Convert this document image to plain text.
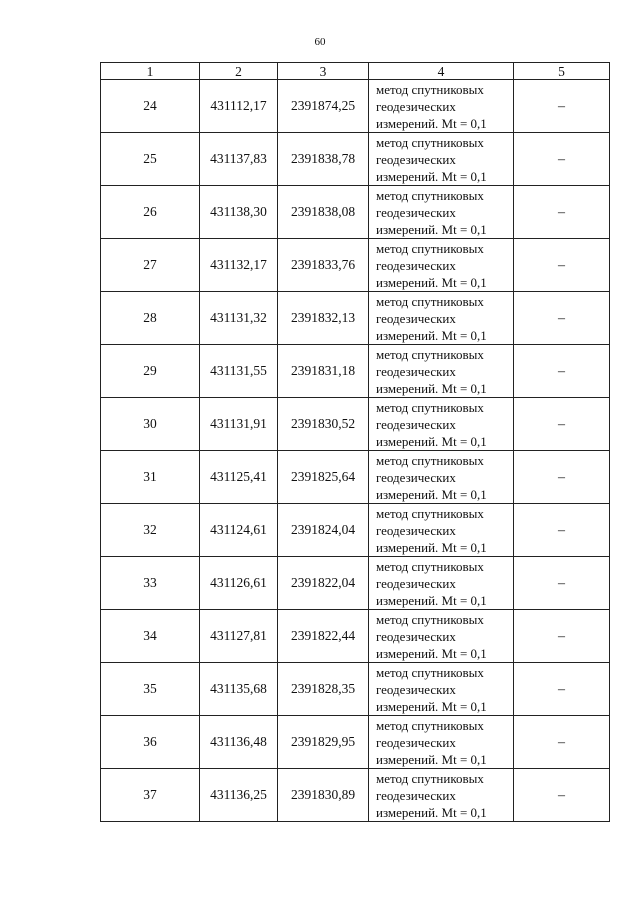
60
1	2	3	4	5
24	431112,17	2391874,25	метод спутниковых
геодезических
измерений. Mt = 0,1	–
25	431137,83	2391838,78	метод спутниковых
геодезических
измерений. Mt = 0,1	–
26	431138,30	2391838,08	метод спутниковых
геодезических
измерений. Mt = 0,1	–
27	431132,17	2391833,76	метод спутниковых
геодезических
измерений. Mt = 0,1	–
28	431131,32	2391832,13	метод спутниковых
геодезических
измерений. Mt = 0,1	–
29	431131,55	2391831,18	метод спутниковых
геодезических
измерений. Mt = 0,1	–
30	431131,91	2391830,52	метод спутниковых
геодезических
измерений. Mt = 0,1	–
31	431125,41	2391825,64	метод спутниковых
геодезических
измерений. Mt = 0,1	–
32	431124,61	2391824,04	метод спутниковых
геодезических
измерений. Mt = 0,1	–
33	431126,61	2391822,04	метод спутниковых
геодезических
измерений. Mt = 0,1	–
34	431127,81	2391822,44	метод спутниковых
геодезических
измерений. Mt = 0,1	–
35	431135,68	2391828,35	метод спутниковых
геодезических
измерений. Mt = 0,1	–
36	431136,48	2391829,95	метод спутниковых
геодезических
измерений. Mt = 0,1	–
37	431136,25	2391830,89	метод спутниковых
геодезических
измерений. Mt = 0,1	–
